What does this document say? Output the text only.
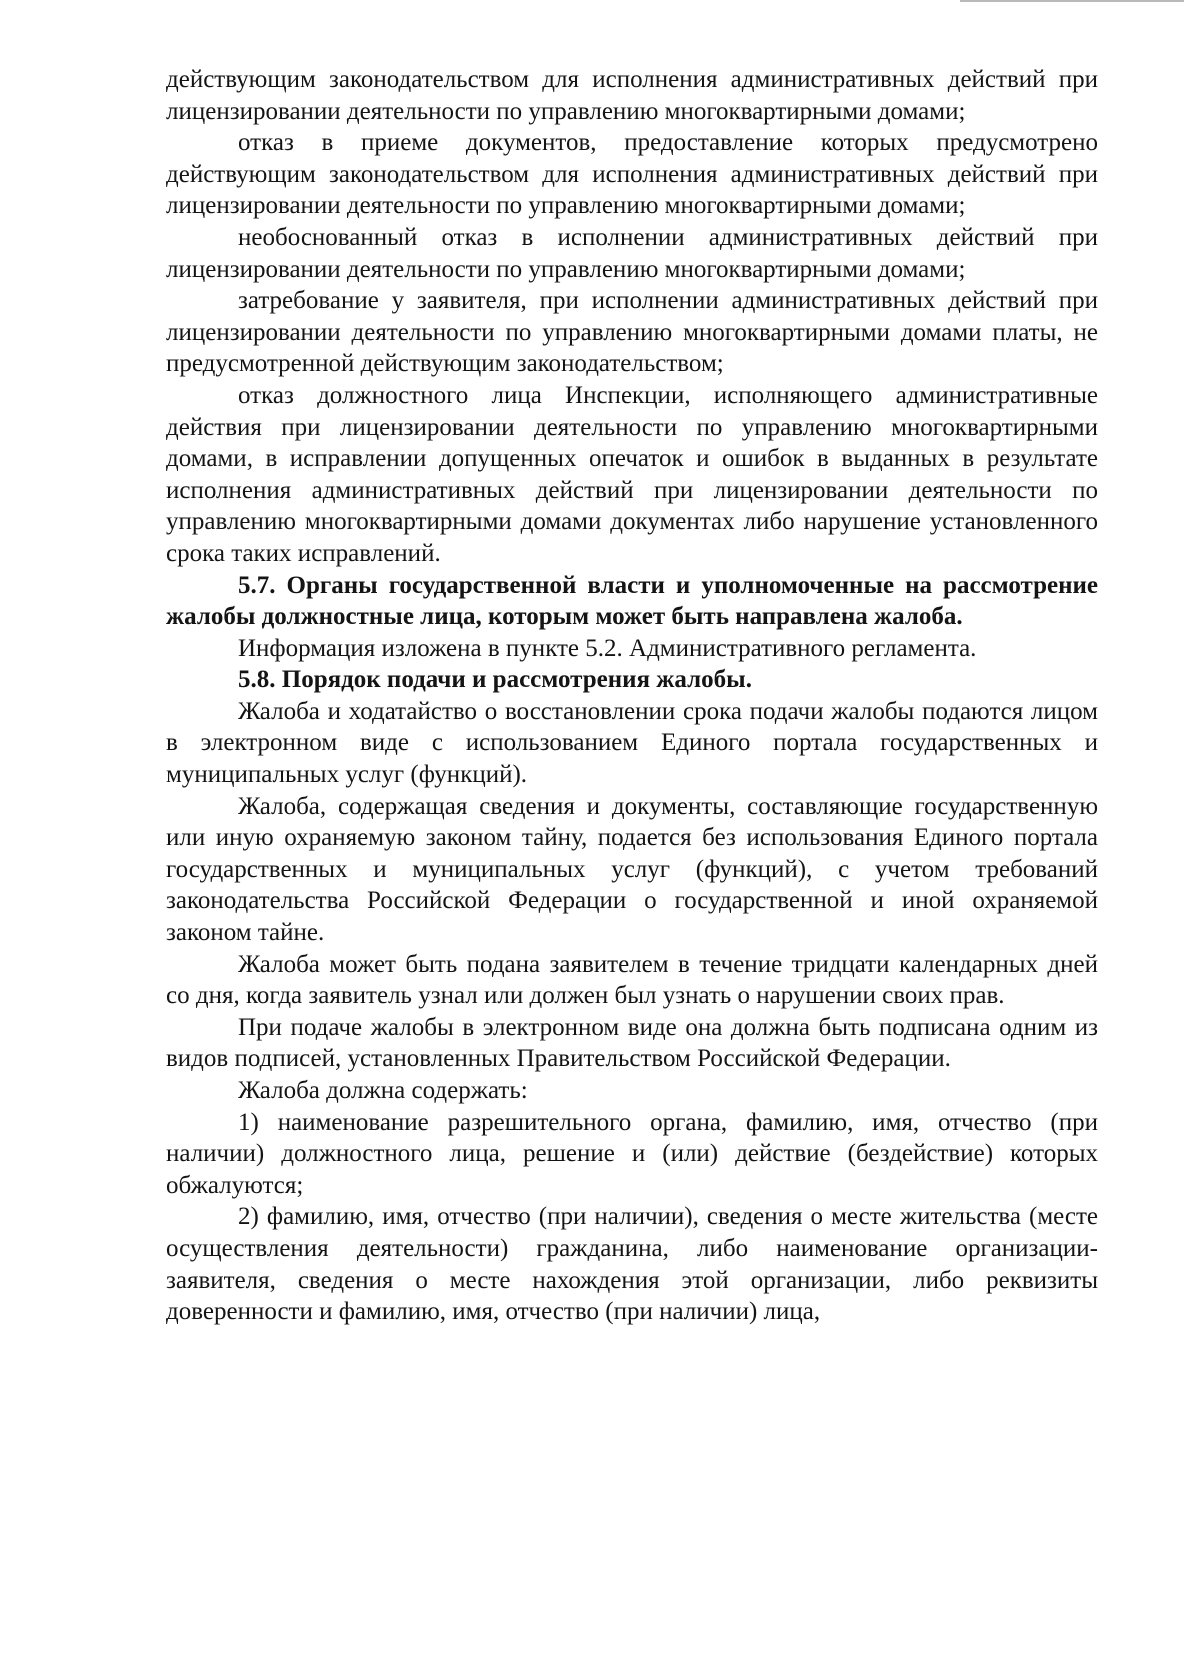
действующим законодательством для исполнения административных действий при лицензировании деятельности по управлению многоквартирными домами;

отказ в приеме документов, предоставление которых предусмотрено действующим законодательством для исполнения административных действий при лицензировании деятельности по управлению многоквартирными домами;

необоснованный отказ в исполнении административных действий при лицензировании деятельности по управлению многоквартирными домами;

затребование у заявителя, при исполнении административных действий при лицензировании деятельности по управлению многоквартирными домами платы, не предусмотренной действующим законодательством;

отказ должностного лица Инспекции, исполняющего административные действия при лицензировании деятельности по управлению многоквартирными домами, в исправлении допущенных опечаток и ошибок в выданных в результате исполнения административных действий при лицензировании деятельности по управлению многоквартирными домами документах либо нарушение установленного срока таких исправлений.

5.7. Органы государственной власти и уполномоченные на рассмотрение жалобы должностные лица, которым может быть направлена жалоба.

Информация изложена в пункте 5.2. Административного регламента.

5.8. Порядок подачи и рассмотрения жалобы.

Жалоба и ходатайство о восстановлении срока подачи жалобы подаются лицом в электронном виде с использованием Единого портала государственных и муниципальных услуг (функций).

Жалоба, содержащая сведения и документы, составляющие государственную или иную охраняемую законом тайну, подается без использования Единого портала государственных и муниципальных услуг (функций), с учетом требований законодательства Российской Федерации о государственной и иной охраняемой законом тайне.

Жалоба может быть подана заявителем в течение тридцати календарных дней со дня, когда заявитель узнал или должен был узнать о нарушении своих прав.

При подаче жалобы в электронном виде она должна быть подписана одним из видов подписей, установленных Правительством Российской Федерации.

Жалоба должна содержать:

1) наименование разрешительного органа, фамилию, имя, отчество (при наличии) должностного лица, решение и (или) действие (бездействие) которых обжалуются;

2) фамилию, имя, отчество (при наличии), сведения о месте жительства (месте осуществления деятельности) гражданина, либо наименование организации-заявителя, сведения о месте нахождения этой организации, либо реквизиты доверенности и фамилию, имя, отчество (при наличии) лица,
